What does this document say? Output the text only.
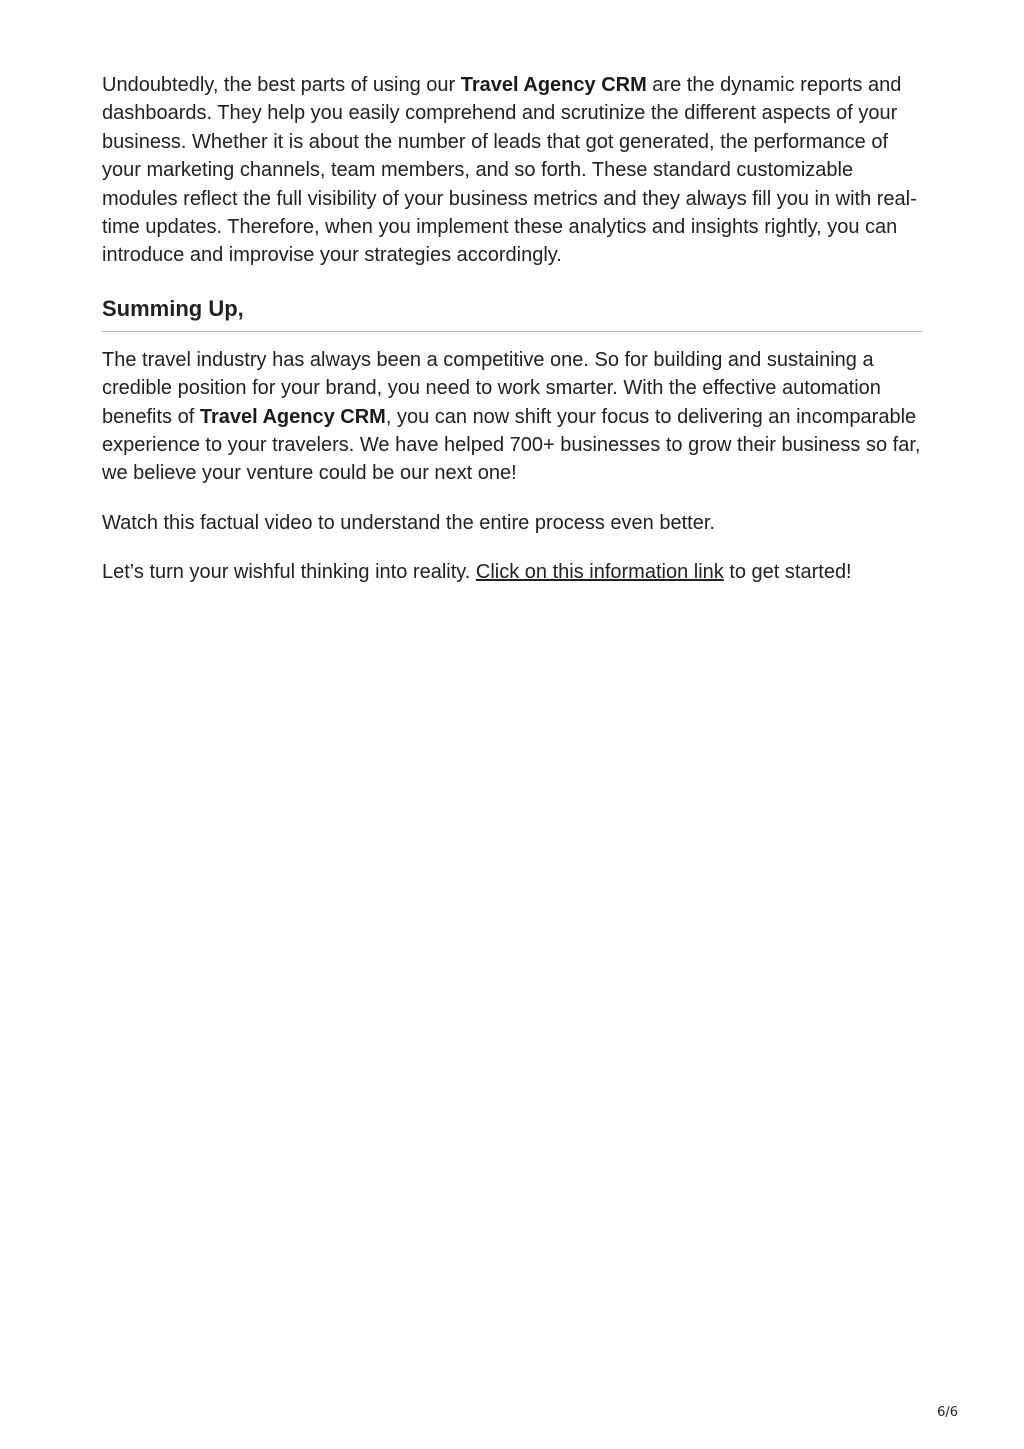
Undoubtedly, the best parts of using our Travel Agency CRM are the dynamic reports and dashboards. They help you easily comprehend and scrutinize the different aspects of your business. Whether it is about the number of leads that got generated, the performance of your marketing channels, team members, and so forth. These standard customizable modules reflect the full visibility of your business metrics and they always fill you in with real-time updates. Therefore, when you implement these analytics and insights rightly, you can introduce and improvise your strategies accordingly.

Summing Up,

The travel industry has always been a competitive one. So for building and sustaining a credible position for your brand, you need to work smarter. With the effective automation benefits of Travel Agency CRM, you can now shift your focus to delivering an incomparable experience to your travelers. We have helped 700+ businesses to grow their business so far, we believe your venture could be our next one!

Watch this factual video to understand the entire process even better.

Let’s turn your wishful thinking into reality. Click on this information link to get started!

6/6
